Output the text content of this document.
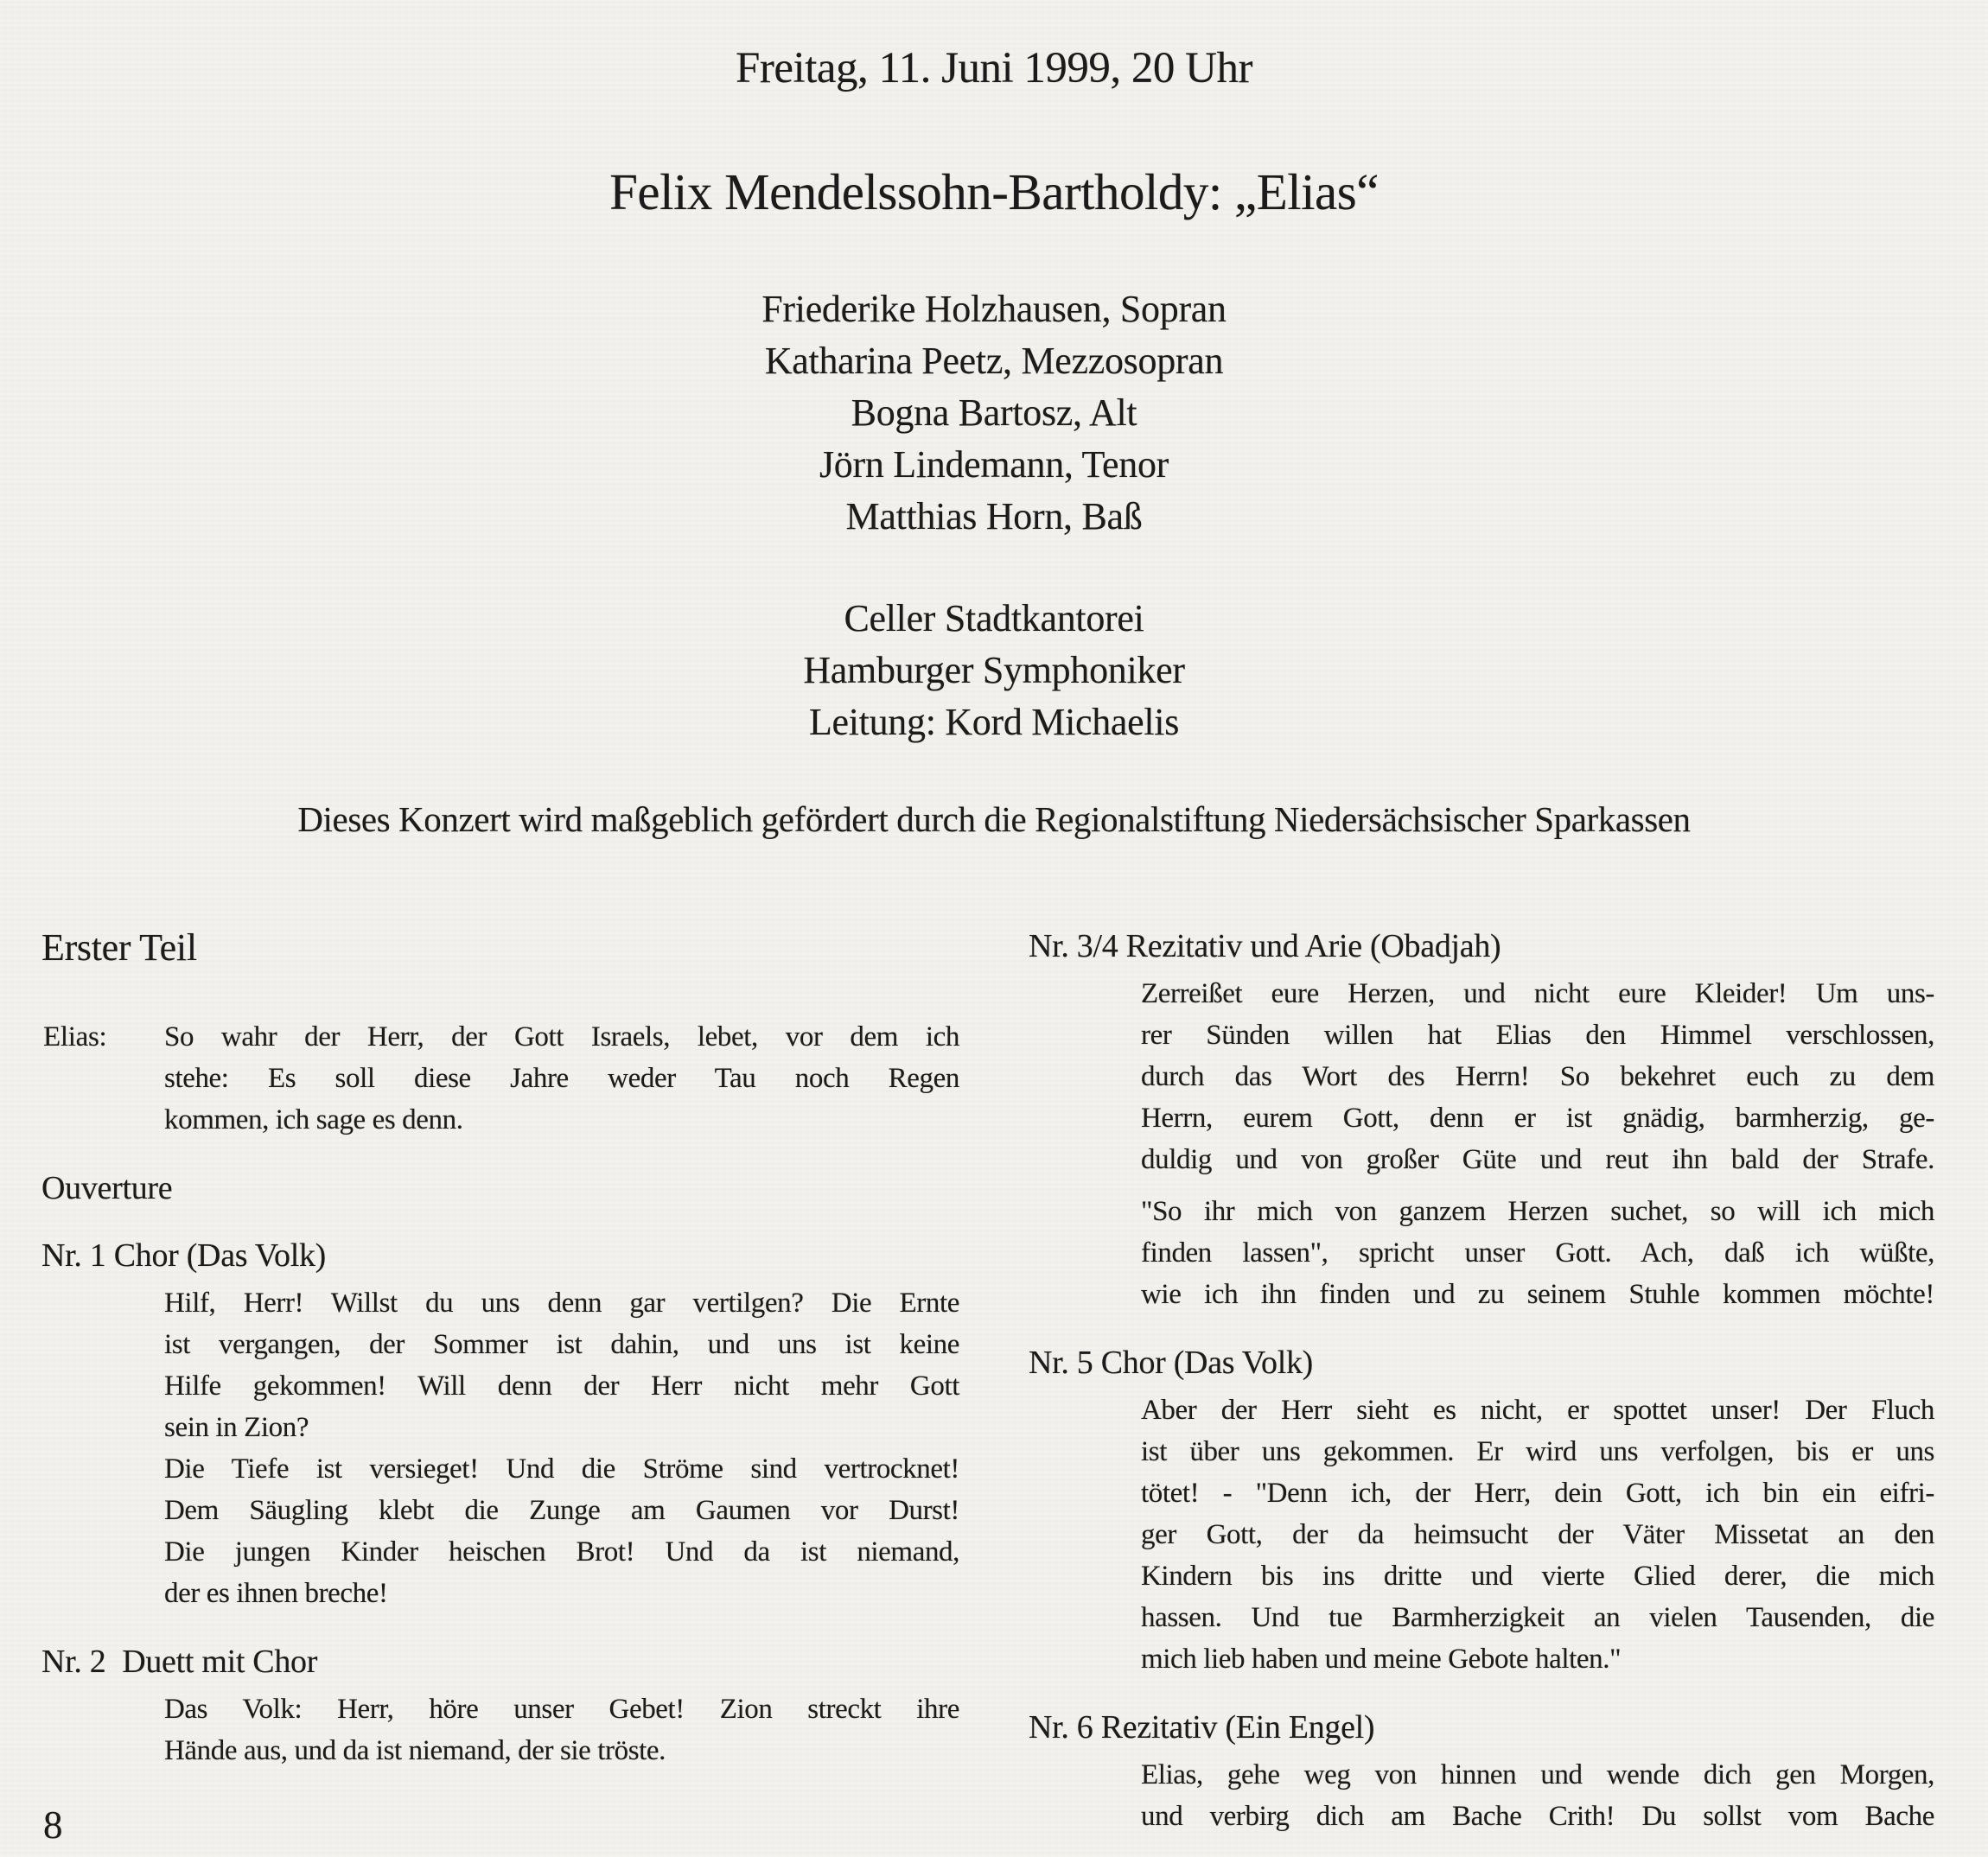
Freitag, 11. Juni 1999, 20 Uhr
Felix Mendelssohn-Bartholdy: „Elias“
Friederike Holzhausen, Sopran
Katharina Peetz, Mezzosopran
Bogna Bartosz, Alt
Jörn Lindemann, Tenor
Matthias Horn, Baß
Celler Stadtkantorei
Hamburger Symphoniker
Leitung: Kord Michaelis
Dieses Konzert wird maßgeblich gefördert durch die Regionalstiftung Niedersächsischer Sparkassen
Erster Teil
Elias: So wahr der Herr, der Gott Israels, lebet, vor dem ich
stehe: Es soll diese Jahre weder Tau noch Regen
kommen, ich sage es denn.
Ouverture
Nr. 1 Chor (Das Volk)
Hilf, Herr! Willst du uns denn gar vertilgen? Die Ernte
ist vergangen, der Sommer ist dahin, und uns ist keine
Hilfe gekommen! Will denn der Herr nicht mehr Gott
sein in Zion?
Die Tiefe ist versieget! Und die Ströme sind vertrocknet!
Dem Säugling klebt die Zunge am Gaumen vor Durst!
Die jungen Kinder heischen Brot! Und da ist niemand,
der es ihnen breche!
Nr. 2 Duett mit Chor
Das Volk: Herr, höre unser Gebet! Zion streckt ihre
Hände aus, und da ist niemand, der sie tröste.
Nr. 3/4 Rezitativ und Arie (Obadjah)
Zerreißet eure Herzen, und nicht eure Kleider! Um uns-
rer Sünden willen hat Elias den Himmel verschlossen,
durch das Wort des Herrn! So bekehret euch zu dem
Herrn, eurem Gott, denn er ist gnädig, barmherzig, ge-
duldig und von großer Güte und reut ihn bald der Strafe.
"So ihr mich von ganzem Herzen suchet, so will ich mich
finden lassen", spricht unser Gott. Ach, daß ich wüßte,
wie ich ihn finden und zu seinem Stuhle kommen möchte!
Nr. 5 Chor (Das Volk)
Aber der Herr sieht es nicht, er spottet unser! Der Fluch
ist über uns gekommen. Er wird uns verfolgen, bis er uns
tötet! - "Denn ich, der Herr, dein Gott, ich bin ein eifri-
ger Gott, der da heimsucht der Väter Missetat an den
Kindern bis ins dritte und vierte Glied derer, die mich
hassen. Und tue Barmherzigkeit an vielen Tausenden, die
mich lieb haben und meine Gebote halten."
Nr. 6 Rezitativ (Ein Engel)
Elias, gehe weg von hinnen und wende dich gen Morgen,
und verbirg dich am Bache Crith! Du sollst vom Bache
8
